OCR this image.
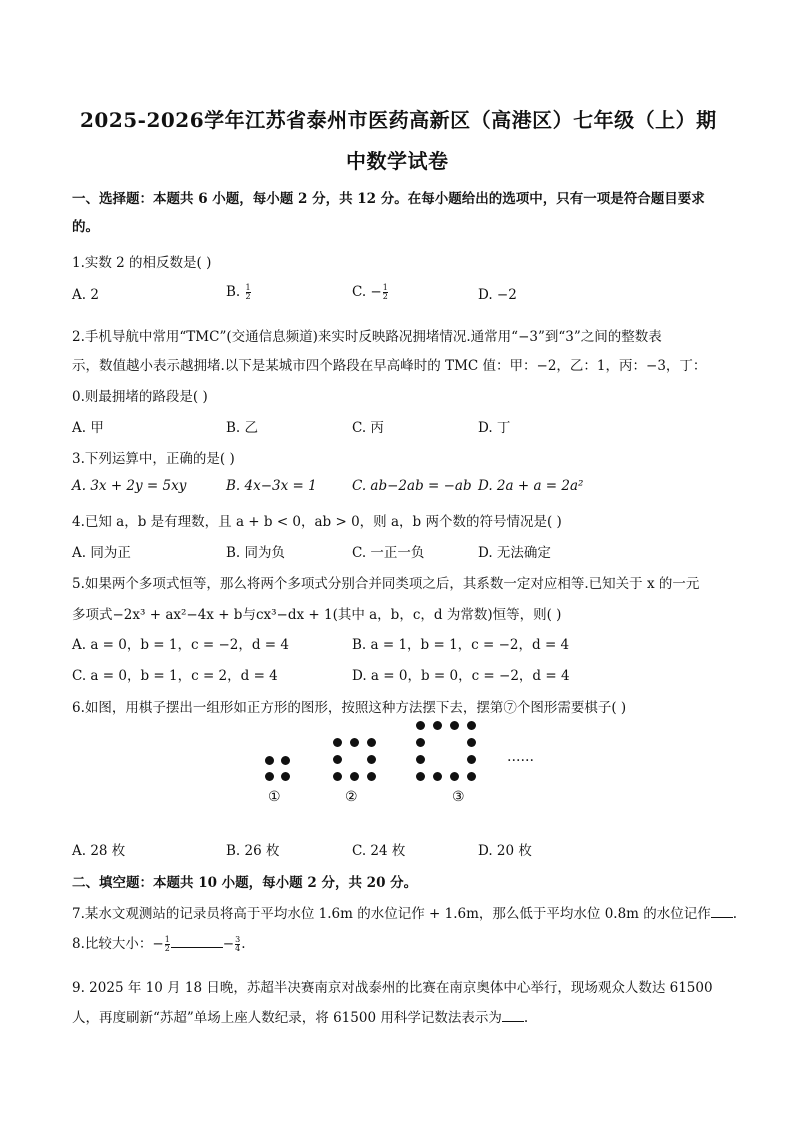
2025-2026学年江苏省泰州市医药高新区（高港区）七年级（上）期
中数学试卷
一、选择题：本题共 6 小题，每小题 2 分，共 12 分。在每小题给出的选项中，只有一项是符合题目要求
的。
1.实数 2 的相反数是( )
A. 2	B. $\frac{1}{2}$	C. − $\frac{1}{2}$	D. −2
2.手机导航中常用“TMC”(交通信息频道)来实时反映路况拥堵情况.通常用“−3”到“3”之间的整数表
示，数值越小表示越拥堵.以下是某城市四个路段在早高峰时的 TMC 值：甲：−2，乙：1，丙：−3，丁：
0.则最拥堵的路段是( )
A. 甲	B. 乙	C. 丙	D. 丁
3.下列运算中，正确的是( )
A. 3x + 2y = 5xy	B. 4x−3x = 1	C. ab−2ab = −ab D. 2a + a = 2a²
4.已知 a，b 是有理数，且 a + b < 0，ab > 0，则 a，b 两个数的符号情况是( )
A. 同为正	B. 同为负	C. 一正一负	D. 无法确定
5.如果两个多项式恒等，那么将两个多项式分别合并同类项之后，其系数一定对应相等.已知关于 x 的一元
多项式−2x³ + ax²−4x + b与cx³−dx + 1(其中 a，b，c，d 为常数)恒等，则( )
A. a = 0，b = 1，c = −2，d = 4	B. a = 1，b = 1，c = −2，d = 4
C. a = 0，b = 1，c = 2，d = 4	D. a = 0，b = 0，c = −2，d = 4
6.如图，用棋子摆出一组形如正方形的图形，按照这种方法摆下去，摆第⑦个图形需要棋子( )
……
①	②	③
A. 28 枚	B. 26 枚	C. 24 枚	D. 20 枚
二、填空题：本题共 10 小题，每小题 2 分，共 20 分。
7.某水文观测站的记录员将高于平均水位 1.6m 的水位记作 + 1.6m，那么低于平均水位 0.8m 的水位记作 .
8.比较大小：− $\frac{1}{2}$	− $\frac{3}{4}$ .
9. 2025 年 10 月 18 日晚，苏超半决赛南京对战泰州的比赛在南京奥体中心举行，现场观众人数达 61500
人，再度刷新“苏超”单场上座人数纪录，将 61500 用科学记数法表示为 .
